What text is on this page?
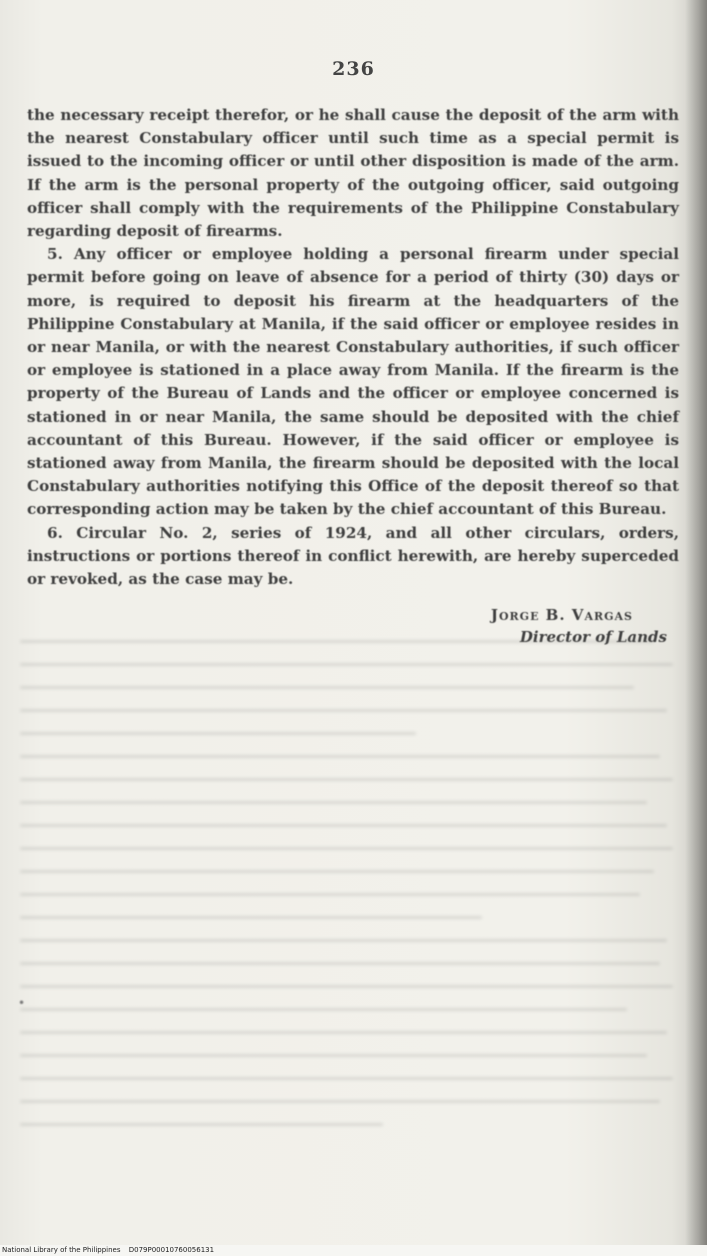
236

the necessary receipt therefor, or he shall cause the deposit of the arm with the nearest Constabulary officer until such time as a special permit is issued to the incoming officer or until other disposition is made of the arm. If the arm is the personal property of the outgoing officer, said outgoing officer shall comply with the requirements of the Philippine Constabulary regarding deposit of firearms.

5. Any officer or employee holding a personal firearm under special permit before going on leave of absence for a period of thirty (30) days or more, is required to deposit his firearm at the headquarters of the Philippine Constabulary at Manila, if the said officer or employee resides in or near Manila, or with the nearest Constabulary authorities, if such officer or employee is stationed in a place away from Manila. If the firearm is the property of the Bureau of Lands and the officer or employee concerned is stationed in or near Manila, the same should be deposited with the chief accountant of this Bureau. However, if the said officer or employee is stationed away from Manila, the firearm should be deposited with the local Constabulary authorities notifying this Office of the deposit thereof so that corresponding action may be taken by the chief accountant of this Bureau.

6. Circular No. 2, series of 1924, and all other circulars, orders, instructions or portions thereof in conflict herewith, are hereby superceded or revoked, as the case may be.

Jorge B. Vargas
Director of Lands
•
National Library of the Philippines D079P00010760056131
